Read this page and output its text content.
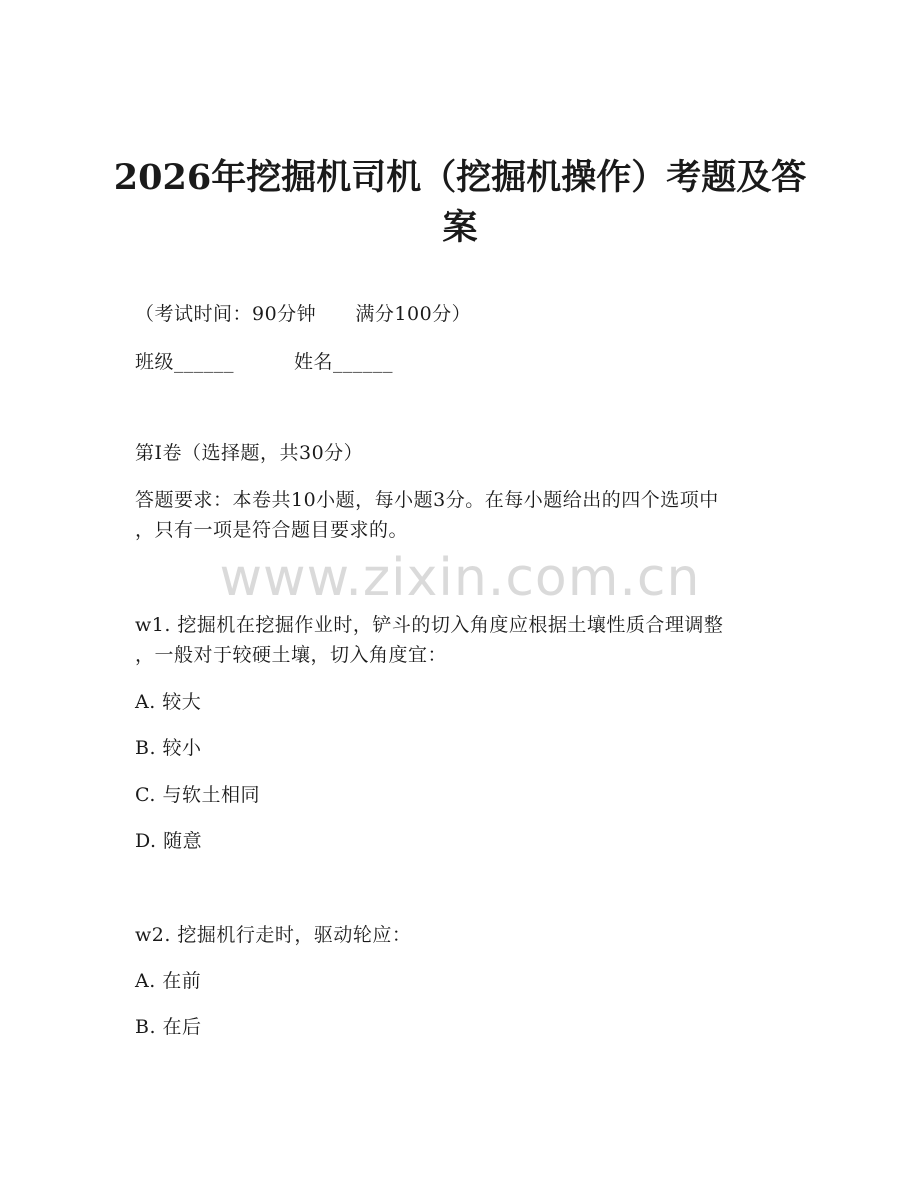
2026年挖掘机司机（挖掘机操作）考题及答
案
（考试时间：90分钟      满分100分）
班级______	姓名______
第Ⅰ卷（选择题，共30分）
答题要求：本卷共10小题，每小题3分。在每小题给出的四个选项中
，只有一项是符合题目要求的。
www.zixin.com.cn
w1. 挖掘机在挖掘作业时，铲斗的切入角度应根据土壤性质合理调整
，一般对于较硬土壤，切入角度宜：
A. 较大
B. 较小
C. 与软土相同
D. 随意
w2. 挖掘机行走时，驱动轮应：
A. 在前
B. 在后
